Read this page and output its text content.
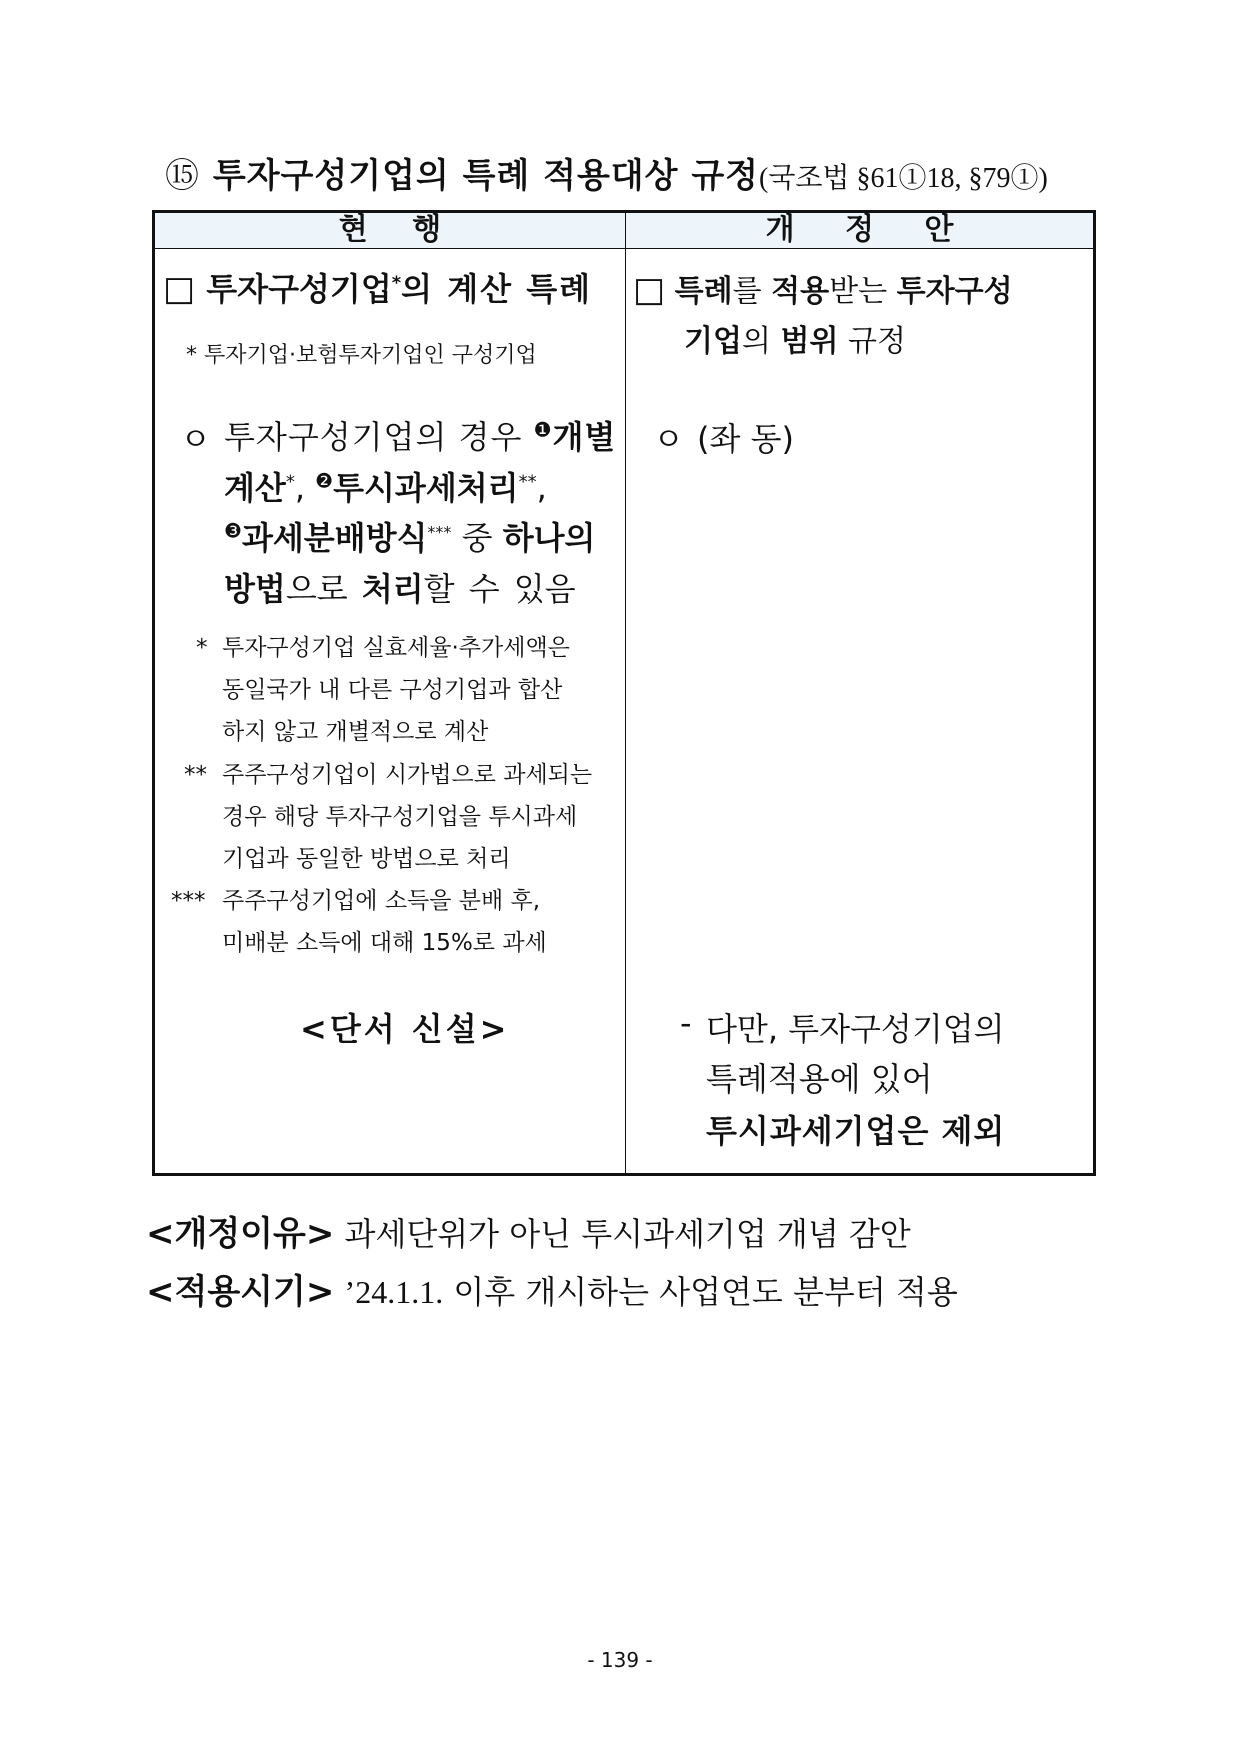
⑮ 투자구성기업의 특례 적용대상 규정(국조법 §61①18, §79①)
현 행	개 정 안
□ 투자구성기업*의 계산 특례
* 투자기업·보험투자기업인 구성기업
ㅇ 투자구성기업의 경우 $^❶$개별
계산*, $^❷$투시과세처리**,
$^❸$과세분배방식*** 중 하나의
방법으로 처리할 수 있음
* 투자구성기업 실효세율·추가세액은
동일국가 내 다른 구성기업과 합산
하지 않고 개별적으로 계산
** 주주구성기업이 시가법으로 과세되는
경우 해당 투자구성기업을 투시과세
기업과 동일한 방법으로 처리
*** 주주구성기업에 소득을 분배 후,
미배분 소득에 대해 15%로 과세
<단서 신설>
□ 특례를 적용받는 투자구성
기업의 범위 규정
ㅇ (좌 동)
- 다만, 투자구성기업의
특례적용에 있어
투시과세기업은 제외
<개정이유> 과세단위가 아닌 투시과세기업 개념 감안
<적용시기> ’24.1.1. 이후 개시하는 사업연도 분부터 적용
- 139 -
